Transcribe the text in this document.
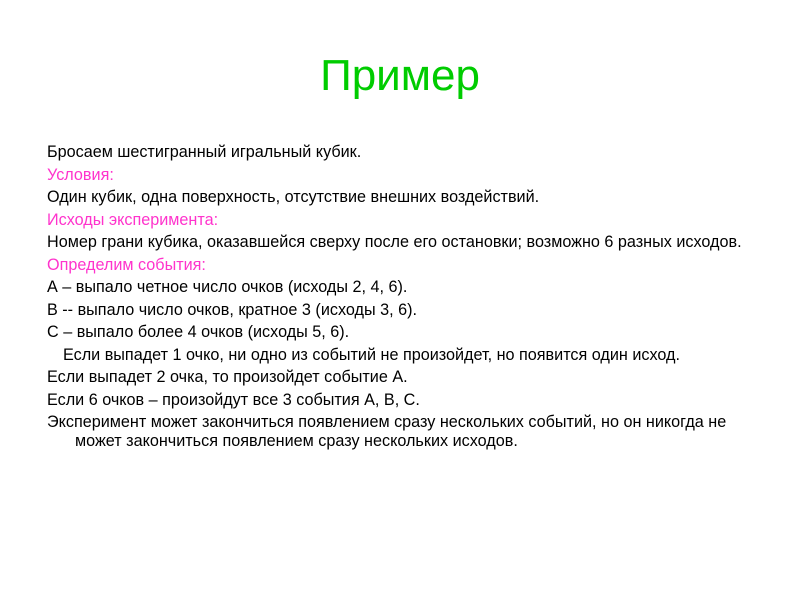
Пример
Бросаем шестигранный игральный кубик.
Условия:
Один кубик, одна поверхность, отсутствие внешних воздействий.
Исходы эксперимента:
Номер грани кубика, оказавшейся сверху после его остановки; возможно 6 разных исходов.
Определим события:
А – выпало четное число очков (исходы 2, 4, 6).
В -- выпало число очков, кратное 3 (исходы 3, 6).
С – выпало более 4 очков (исходы 5, 6).
Если выпадет 1 очко, ни одно из событий не произойдет, но появится один исход.
Если выпадет 2 очка, то произойдет событие А.
Если 6 очков – произойдут все 3 события А, В, С.
Эксперимент может закончиться появлением сразу нескольких событий, но он никогда не может закончиться появлением сразу нескольких исходов.
